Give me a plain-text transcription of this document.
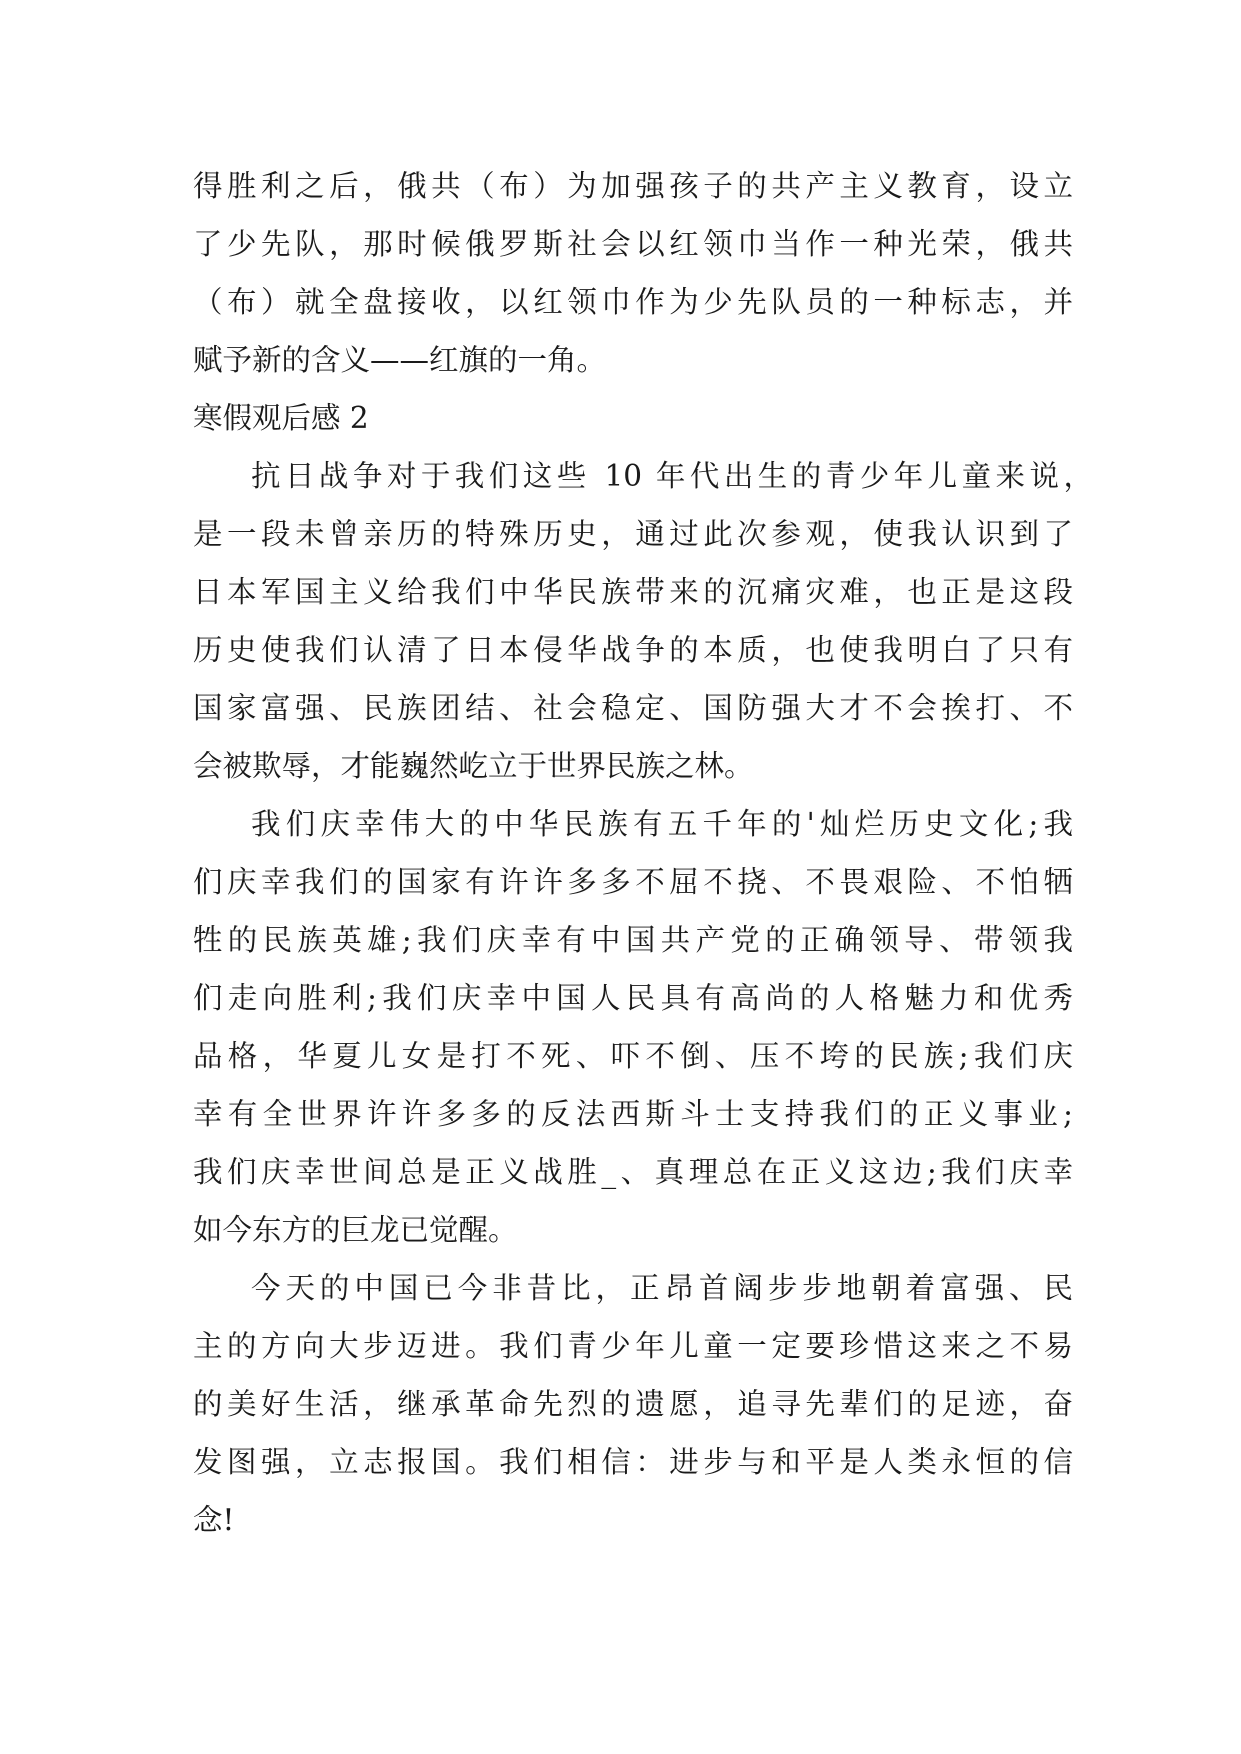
得胜利之后，俄共（布）为加强孩子的共产主义教育，设立
了少先队，那时候俄罗斯社会以红领巾当作一种光荣，俄共
（布）就全盘接收，以红领巾作为少先队员的一种标志，并
赋予新的含义——红旗的一角。
寒假观后感 2
抗日战争对于我们这些 10 年代出生的青少年儿童来说，
是一段未曾亲历的特殊历史，通过此次参观，使我认识到了
日本军国主义给我们中华民族带来的沉痛灾难，也正是这段
历史使我们认清了日本侵华战争的本质，也使我明白了只有
国家富强、民族团结、社会稳定、国防强大才不会挨打、不
会被欺辱，才能巍然屹立于世界民族之林。
我们庆幸伟大的中华民族有五千年的'灿烂历史文化;我
们庆幸我们的国家有许许多多不屈不挠、不畏艰险、不怕牺
牲的民族英雄;我们庆幸有中国共产党的正确领导、带领我
们走向胜利;我们庆幸中国人民具有高尚的人格魅力和优秀
品格，华夏儿女是打不死、吓不倒、压不垮的民族;我们庆
幸有全世界许许多多的反法西斯斗士支持我们的正义事业;
我们庆幸世间总是正义战胜_、真理总在正义这边;我们庆幸
如今东方的巨龙已觉醒。
今天的中国已今非昔比，正昂首阔步步地朝着富强、民
主的方向大步迈进。我们青少年儿童一定要珍惜这来之不易
的美好生活，继承革命先烈的遗愿，追寻先辈们的足迹，奋
发图强，立志报国。我们相信：进步与和平是人类永恒的信
念!
